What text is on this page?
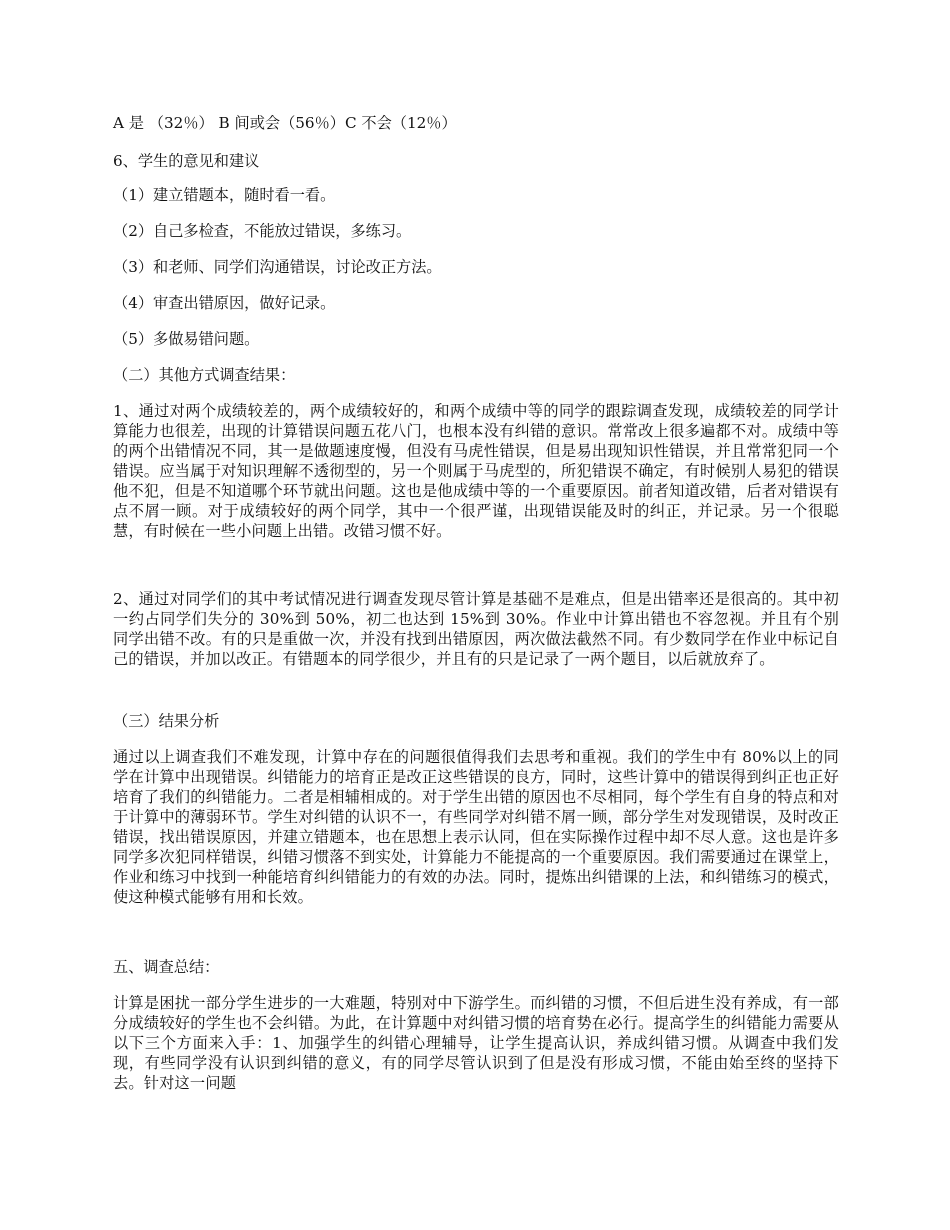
A 是 （32％） B 间或会（56％）C 不会（12％）
6、学生的意见和建议
（1）建立错题本，随时看一看。
（2）自己多检查，不能放过错误，多练习。
（3）和老师、同学们沟通错误，讨论改正方法。
（4）审查出错原因，做好记录。
（5）多做易错问题。
（二）其他方式调查结果：
1、通过对两个成绩较差的，两个成绩较好的，和两个成绩中等的同学的跟踪调查发现，成绩较差的同学计算能力也很差，出现的计算错误问题五花八门，也根本没有纠错的意识。常常改上很多遍都不对。成绩中等的两个出错情况不同，其一是做题速度慢，但没有马虎性错误，但是易出现知识性错误，并且常常犯同一个错误。应当属于对知识理解不透彻型的，另一个则属于马虎型的，所犯错误不确定，有时候别人易犯的错误他不犯，但是不知道哪个环节就出问题。这也是他成绩中等的一个重要原因。前者知道改错，后者对错误有点不屑一顾。对于成绩较好的两个同学，其中一个很严谨，出现错误能及时的纠正，并记录。另一个很聪慧，有时候在一些小问题上出错。改错习惯不好。
2、通过对同学们的其中考试情况进行调查发现尽管计算是基础不是难点，但是出错率还是很高的。其中初一约占同学们失分的 30%到 50%，初二也达到 15%到 30%。作业中计算出错也不容忽视。并且有个别同学出错不改。有的只是重做一次，并没有找到出错原因，两次做法截然不同。有少数同学在作业中标记自己的错误，并加以改正。有错题本的同学很少，并且有的只是记录了一两个题目，以后就放弃了。
（三）结果分析
通过以上调查我们不难发现，计算中存在的问题很值得我们去思考和重视。我们的学生中有 80%以上的同学在计算中出现错误。纠错能力的培育正是改正这些错误的良方，同时，这些计算中的错误得到纠正也正好培育了我们的纠错能力。二者是相辅相成的。对于学生出错的原因也不尽相同，每个学生有自身的特点和对于计算中的薄弱环节。学生对纠错的认识不一，有些同学对纠错不屑一顾，部分学生对发现错误，及时改正错误，找出错误原因，并建立错题本，也在思想上表示认同，但在实际操作过程中却不尽人意。这也是许多同学多次犯同样错误，纠错习惯落不到实处，计算能力不能提高的一个重要原因。我们需要通过在课堂上，作业和练习中找到一种能培育纠纠错能力的有效的办法。同时，提炼出纠错课的上法，和纠错练习的模式，使这种模式能够有用和长效。
五、调查总结：
计算是困扰一部分学生进步的一大难题，特别对中下游学生。而纠错的习惯，不但后进生没有养成，有一部分成绩较好的学生也不会纠错。为此，在计算题中对纠错习惯的培育势在必行。提高学生的纠错能力需要从以下三个方面来入手：1、加强学生的纠错心理辅导，让学生提高认识，养成纠错习惯。从调查中我们发现，有些同学没有认识到纠错的意义，有的同学尽管认识到了但是没有形成习惯，不能由始至终的坚持下去。针对这一问题
